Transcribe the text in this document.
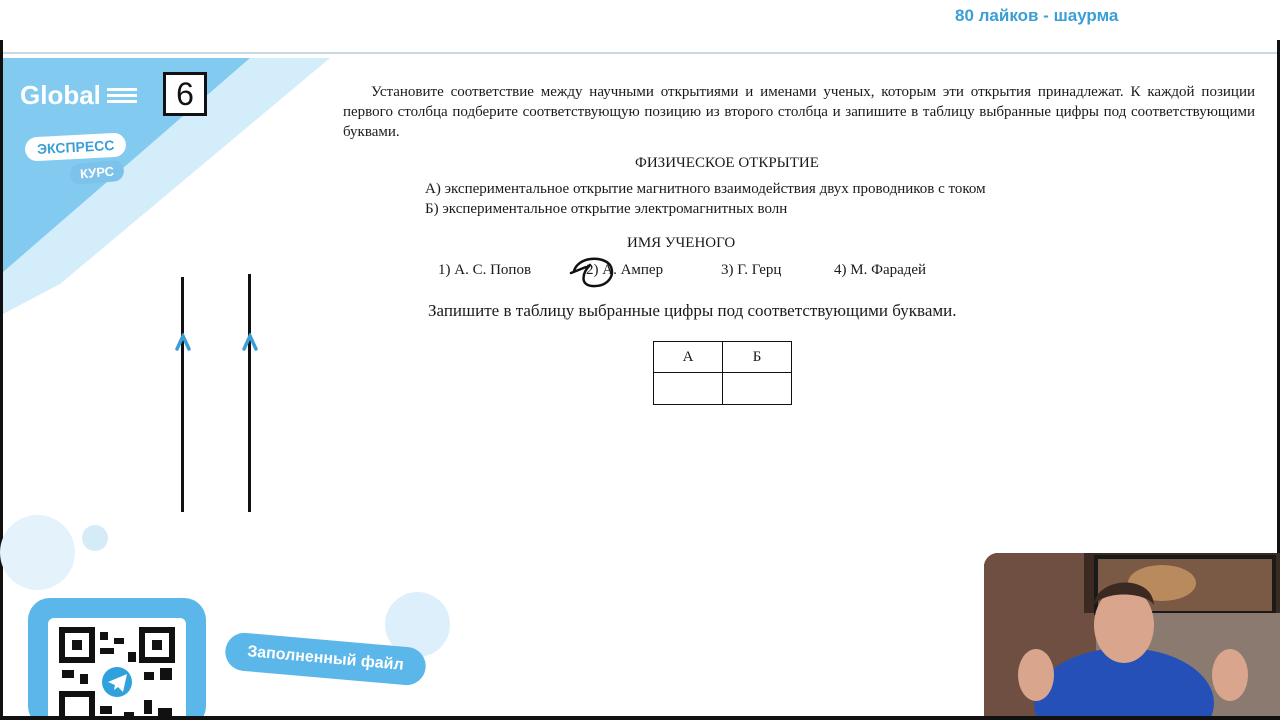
80 лайков - шаурма
Global	6
ЭКСПРЕСС
КУРС
Заполненный файл

Установите соответствие между научными открытиями и именами ученых, которым эти открытия принадлежат. К каждой позиции первого столбца подберите соответствующую позицию из второго столбца и запишите в таблицу выбранные цифры под соответствующими буквами.

ФИЗИЧЕСКОЕ ОТКРЫТИЕ
А) экспериментальное открытие магнитного взаимодействия двух проводников с током
Б) экспериментальное открытие электромагнитных волн
ИМЯ УЧЕНОГО
1) А. С. Попов	2) А. Ампер	3) Г. Герц	4) М. Фарадей
Запишите в таблицу выбранные цифры под соответствующими буквами.
А	Б
